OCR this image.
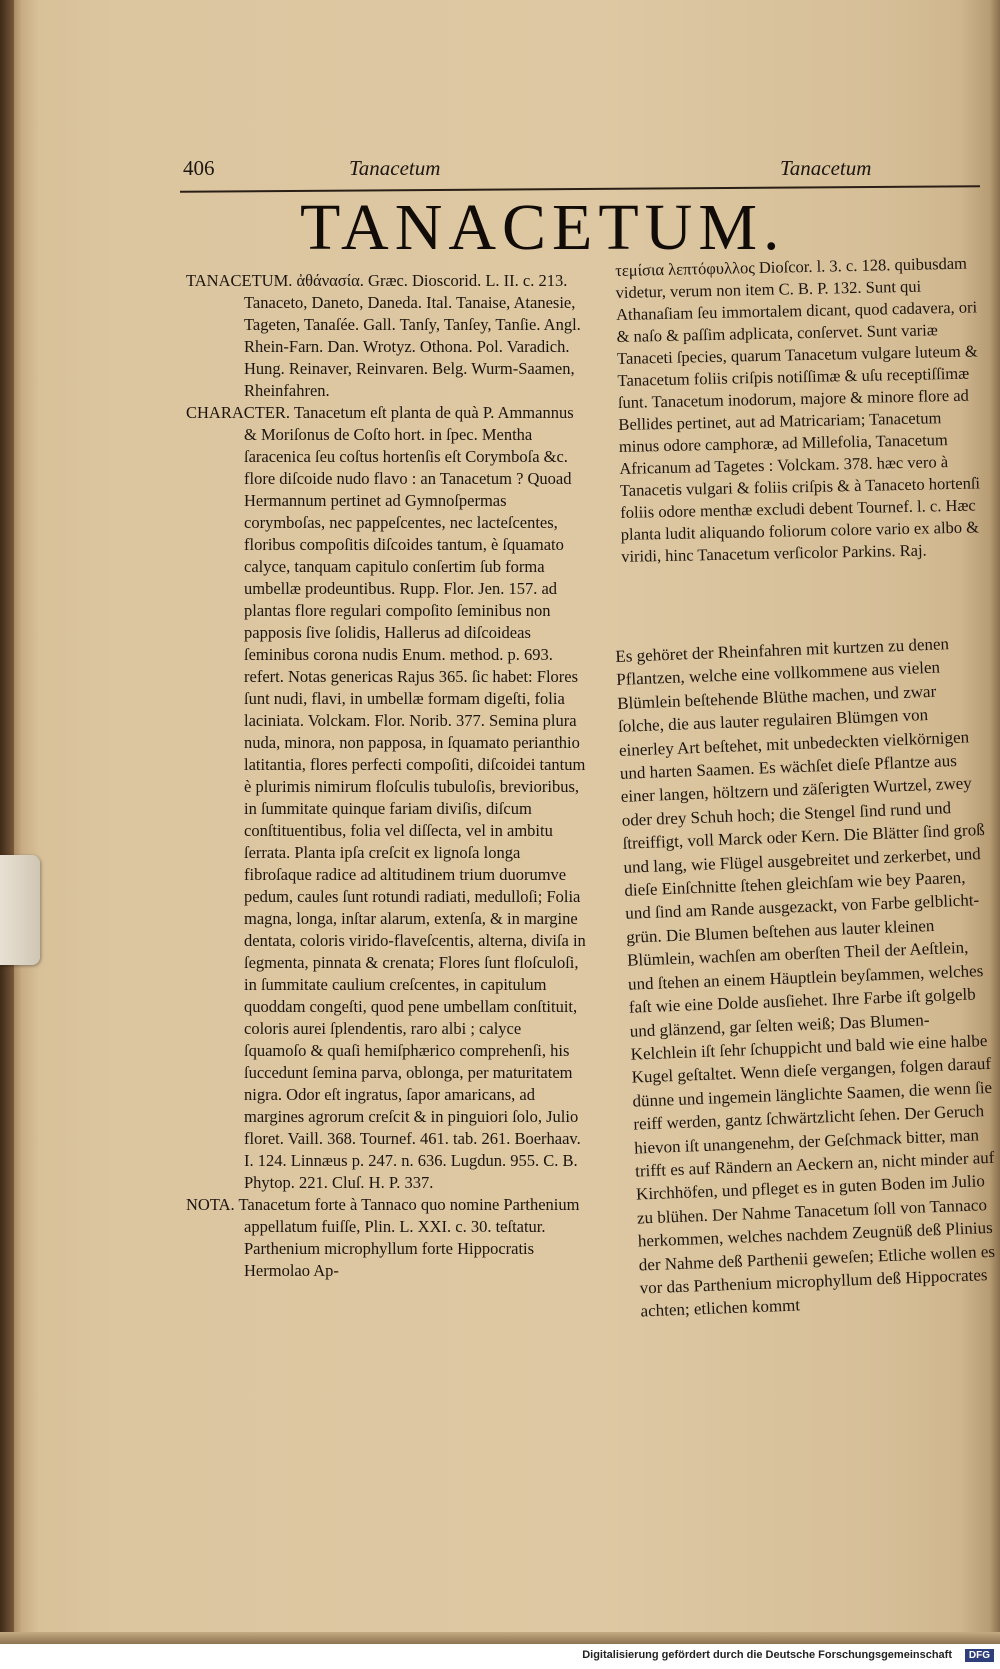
406	Tanacetum	Tanacetum
TANACETUM.

TANACETUM. ἀθάνασία. Græc. Dioscorid. L. II. c. 213. Tanaceto, Daneto, Daneda. Ital. Tanaise, Atanesie, Tageten, Tanaſée. Gall. Tanſy, Tanſey, Tanſie. Angl. Rhein-Farn. Dan. Wrotyz. Othona. Pol. Varadich. Hung. Reinaver, Reinvaren. Belg. Wurm-Saamen, Rheinfahren.

CHARACTER. Tanacetum eſt planta de quà P. Ammannus & Moriſonus de Coſto hort. in ſpec. Mentha ſaracenica ſeu coſtus hortenſis eſt Corymboſa &c. flore diſcoide nudo flavo : an Tanacetum ? Quoad Hermannum pertinet ad Gymnoſpermas corymboſas, nec pappeſcentes, nec lacteſcentes, floribus compoſitis diſcoides tantum, è ſquamato calyce, tanquam capitulo conſertim ſub forma umbellæ prodeuntibus. Rupp. Flor. Jen. 157. ad plantas flore regulari compoſito ſeminibus non papposis ſive ſolidis, Hallerus ad diſcoideas ſeminibus corona nudis Enum. method. p. 693. refert. Notas genericas Rajus 365. ſic habet: Flores ſunt nudi, flavi, in umbellæ formam digeſti, folia laciniata. Volckam. Flor. Norib. 377. Semina plura nuda, minora, non papposa, in ſquamato perianthio latitantia, flores perfecti compoſiti, diſcoidei tantum è plurimis nimirum floſculis tubuloſis, brevioribus, in ſummitate quinque fariam diviſis, diſcum conſtituentibus, folia vel diſſecta, vel in ambitu ſerrata. Planta ipſa creſcit ex lignoſa longa fibroſaque radice ad altitudinem trium duorumve pedum, caules ſunt rotundi radiati, medulloſi; Folia magna, longa, inſtar alarum, extenſa, & in margine dentata, coloris virido-flaveſcentis, alterna, diviſa in ſegmenta, pinnata & crenata; Flores ſunt floſculoſi, in ſummitate caulium creſcentes, in capitulum quoddam congeſti, quod pene umbellam conſtituit, coloris aurei ſplendentis, raro albi ; calyce ſquamoſo & quaſi hemiſphærico comprehenſi, his ſuccedunt ſemina parva, oblonga, per maturitatem nigra. Odor eſt ingratus, ſapor amaricans, ad margines agrorum creſcit & in pinguiori ſolo, Julio floret. Vaill. 368. Tournef. 461. tab. 261. Boerhaav. I. 124. Linnæus p. 247. n. 636. Lugdun. 955. C. B. Phytop. 221. Cluſ. H. P. 337.

NOTA. Tanacetum forte à Tannaco quo nomine Parthenium appellatum fuiſſe, Plin. L. XXI. c. 30. teſtatur. Parthenium microphyllum forte Hippocratis Hermolao Ap-

τεμίσια λεπτόφυλλος Dioſcor. l. 3. c. 128. quibusdam videtur, verum non item C. B. P. 132. Sunt qui Athanaſiam ſeu immortalem dicant, quod cadavera, ori & naſo & paſſim adplicata, conſervet. Sunt variæ Tanaceti ſpecies, quarum Tanacetum vulgare luteum & Tanacetum foliis criſpis notiſſimæ & uſu receptiſſimæ ſunt. Tanacetum inodorum, majore & minore flore ad Bellides pertinet, aut ad Matricariam; Tanacetum minus odore camphoræ, ad Millefolia, Tanacetum Africanum ad Tagetes : Volckam. 378. hæc vero à Tanacetis vulgari & foliis criſpis & à Tanaceto hortenſi foliis odore menthæ excludi debent Tournef. l. c. Hæc planta ludit aliquando foliorum colore vario ex albo & viridi, hinc Tanacetum verſicolor Parkins. Raj.

Es gehöret der Rheinfahren mit kurtzen zu denen Pflantzen, welche eine vollkommene aus vielen Blümlein beſtehende Blüthe machen, und zwar ſolche, die aus lauter regulairen Blümgen von einerley Art beſtehet, mit unbedeckten vielkörnigen und harten Saamen. Es wächſet dieſe Pflantze aus einer langen, höltzern und zäſerigten Wurtzel, zwey oder drey Schuh hoch; die Stengel ſind rund und ſtreiffigt, voll Marck oder Kern. Die Blätter ſind groß und lang, wie Flügel ausgebreitet und zerkerbet, und dieſe Einſchnitte ſtehen gleichſam wie bey Paaren, und ſind am Rande ausgezackt, von Farbe gelblicht-grün. Die Blumen beſtehen aus lauter kleinen Blümlein, wachſen am oberſten Theil der Aeſtlein, und ſtehen an einem Häuptlein beyſammen, welches faſt wie eine Dolde ausſiehet. Ihre Farbe iſt golgelb und glänzend, gar ſelten weiß; Das Blumen-Kelchlein iſt ſehr ſchuppicht und bald wie eine halbe Kugel geſtaltet. Wenn dieſe vergangen, folgen darauf dünne und ingemein länglichte Saamen, die wenn ſie reiff werden, gantz ſchwärtzlicht ſehen. Der Geruch hievon iſt unangenehm, der Geſchmack bitter, man trifft es auf Rändern an Aeckern an, nicht minder auf Kirchhöfen, und pfleget es in guten Boden im Julio zu blühen. Der Nahme Tanacetum ſoll von Tannaco herkommen, welches nachdem Zeugnüß deß Plinius der Nahme deß Parthenii geweſen; Etliche wollen es vor das Parthenium microphyllum deß Hippocrates achten; etlichen kommt

Digitalisierung gefördert durch die Deutsche Forschungsgemeinschaft	DFG
